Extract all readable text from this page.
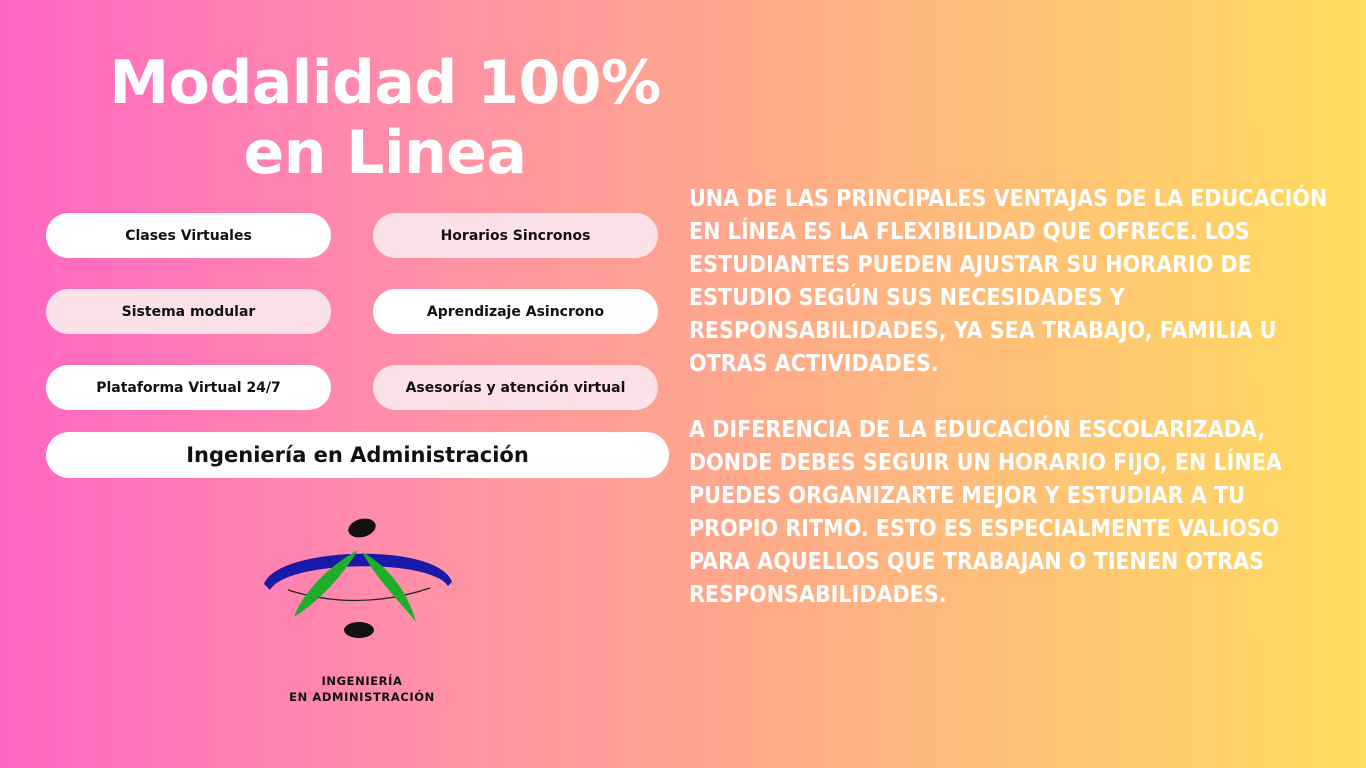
Modalidad 100%
en Linea
Clases Virtuales	Horarios Sincronos
Sistema modular	Aprendizaje Asincrono
Plataforma Virtual 24/7	Asesorías y atención virtual
Ingeniería en Administración
INGENIERÍA
EN ADMINISTRACIÓN

UNA DE LAS PRINCIPALES VENTAJAS DE LA EDUCACIÓN EN LÍNEA ES LA FLEXIBILIDAD QUE OFRECE. LOS ESTUDIANTES PUEDEN AJUSTAR SU HORARIO DE ESTUDIO SEGÚN SUS NECESIDADES Y RESPONSABILIDADES, YA SEA TRABAJO, FAMILIA U OTRAS ACTIVIDADES.

A DIFERENCIA DE LA EDUCACIÓN ESCOLARIZADA, DONDE DEBES SEGUIR UN HORARIO FIJO, EN LÍNEA PUEDES ORGANIZARTE MEJOR Y ESTUDIAR A TU PROPIO RITMO. ESTO ES ESPECIALMENTE VALIOSO PARA AQUELLOS QUE TRABAJAN O TIENEN OTRAS RESPONSABILIDADES.
